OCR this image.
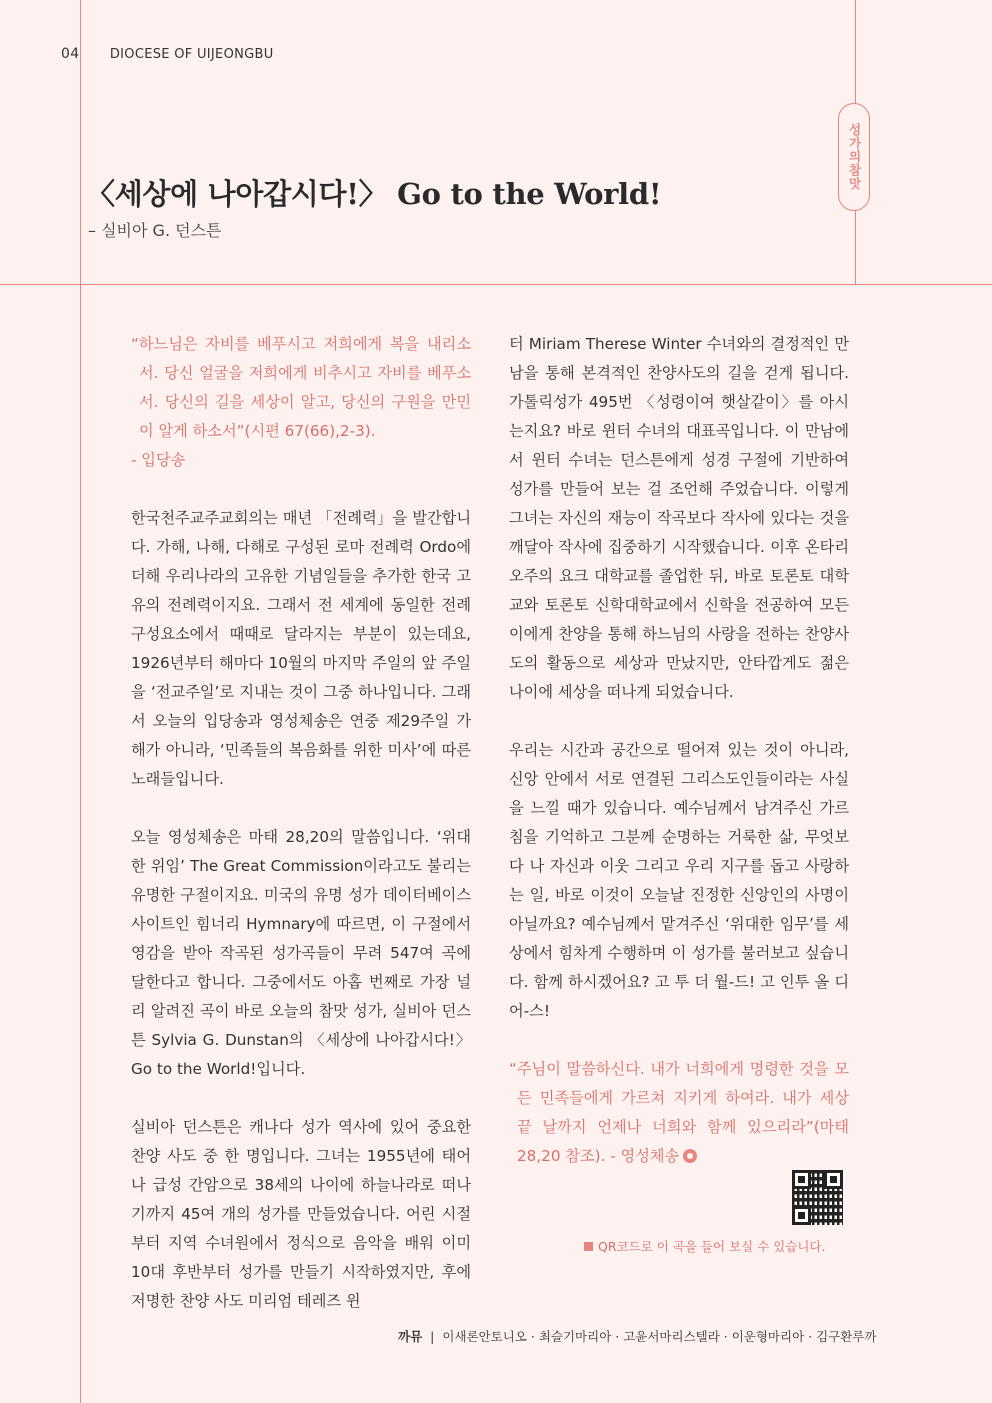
04 DIOCESE OF UIJEONGBU
성가의참맛
〈세상에 나아갑시다!〉 Go to the World!
– 실비아 G. 던스튼

“하느님은 자비를 베푸시고 저희에게 복을 내리소서. 당신 얼굴을 저희에게 비추시고 자비를 베푸소서. 당신의 길을 세상이 알고, 당신의 구원을 만민이 알게 하소서”(시편 67(66),2-3).
- 입당송

한국천주교주교회의는 매년 「전례력」을 발간합니다. 가해, 나해, 다해로 구성된 로마 전례력 Ordo에 더해 우리나라의 고유한 기념일들을 추가한 한국 고유의 전례력이지요. 그래서 전 세계에 동일한 전례 구성요소에서 때때로 달라지는 부분이 있는데요, 1926년부터 해마다 10월의 마지막 주일의 앞 주일을 ‘전교주일’로 지내는 것이 그중 하나입니다. 그래서 오늘의 입당송과 영성체송은 연중 제29주일 가해가 아니라, ‘민족들의 복음화를 위한 미사’에 따른 노래들입니다.

오늘 영성체송은 마태 28,20의 말씀입니다. ‘위대한 위임’ The Great Commission이라고도 불리는 유명한 구절이지요. 미국의 유명 성가 데이터베이스 사이트인 힘너리 Hymnary에 따르면, 이 구절에서 영감을 받아 작곡된 성가곡들이 무려 547여 곡에 달한다고 합니다. 그중에서도 아홉 번째로 가장 널리 알려진 곡이 바로 오늘의 참맛 성가, 실비아 던스튼 Sylvia G. Dunstan의 〈세상에 나아갑시다!〉 Go to the World!입니다.

실비아 던스튼은 캐나다 성가 역사에 있어 중요한 찬양 사도 중 한 명입니다. 그녀는 1955년에 태어나 급성 간암으로 38세의 나이에 하늘나라로 떠나기까지 45여 개의 성가를 만들었습니다. 어린 시절부터 지역 수녀원에서 정식으로 음악을 배워 이미 10대 후반부터 성가를 만들기 시작하였지만, 후에 저명한 찬양 사도 미리엄 테레즈 윈

터 Miriam Therese Winter 수녀와의 결정적인 만남을 통해 본격적인 찬양사도의 길을 걷게 됩니다. 가톨릭성가 495번 〈성령이여 햇살같이〉를 아시는지요? 바로 윈터 수녀의 대표곡입니다. 이 만남에서 윈터 수녀는 던스튼에게 성경 구절에 기반하여 성가를 만들어 보는 걸 조언해 주었습니다. 이렇게 그녀는 자신의 재능이 작곡보다 작사에 있다는 것을 깨달아 작사에 집중하기 시작했습니다. 이후 온타리오주의 요크 대학교를 졸업한 뒤, 바로 토론토 대학교와 토론토 신학대학교에서 신학을 전공하여 모든 이에게 찬양을 통해 하느님의 사랑을 전하는 찬양사도의 활동으로 세상과 만났지만, 안타깝게도 젊은 나이에 세상을 떠나게 되었습니다.

우리는 시간과 공간으로 떨어져 있는 것이 아니라, 신앙 안에서 서로 연결된 그리스도인들이라는 사실을 느낄 때가 있습니다. 예수님께서 남겨주신 가르침을 기억하고 그분께 순명하는 거룩한 삶, 무엇보다 나 자신과 이웃 그리고 우리 지구를 돕고 사랑하는 일, 바로 이것이 오늘날 진정한 신앙인의 사명이 아닐까요? 예수님께서 맡겨주신 ‘위대한 임무’를 세상에서 힘차게 수행하며 이 성가를 불러보고 싶습니다. 함께 하시겠어요? 고 투 더 월-드! 고 인투 올 디 어-스!

“주님이 말씀하신다. 내가 너희에게 명령한 것을 모든 민족들에게 가르쳐 지키게 하여라. 내가 세상 끝 날까지 언제나 너희와 함께 있으리라”(마태 28,20 참조). - 영성체송

QR코드로 이 곡을 들어 보실 수 있습니다.
까뮤 | 이새론안토니오 · 최슬기마리아 · 고윤서마리스텔라 · 이운형마리아 · 김구환루까
